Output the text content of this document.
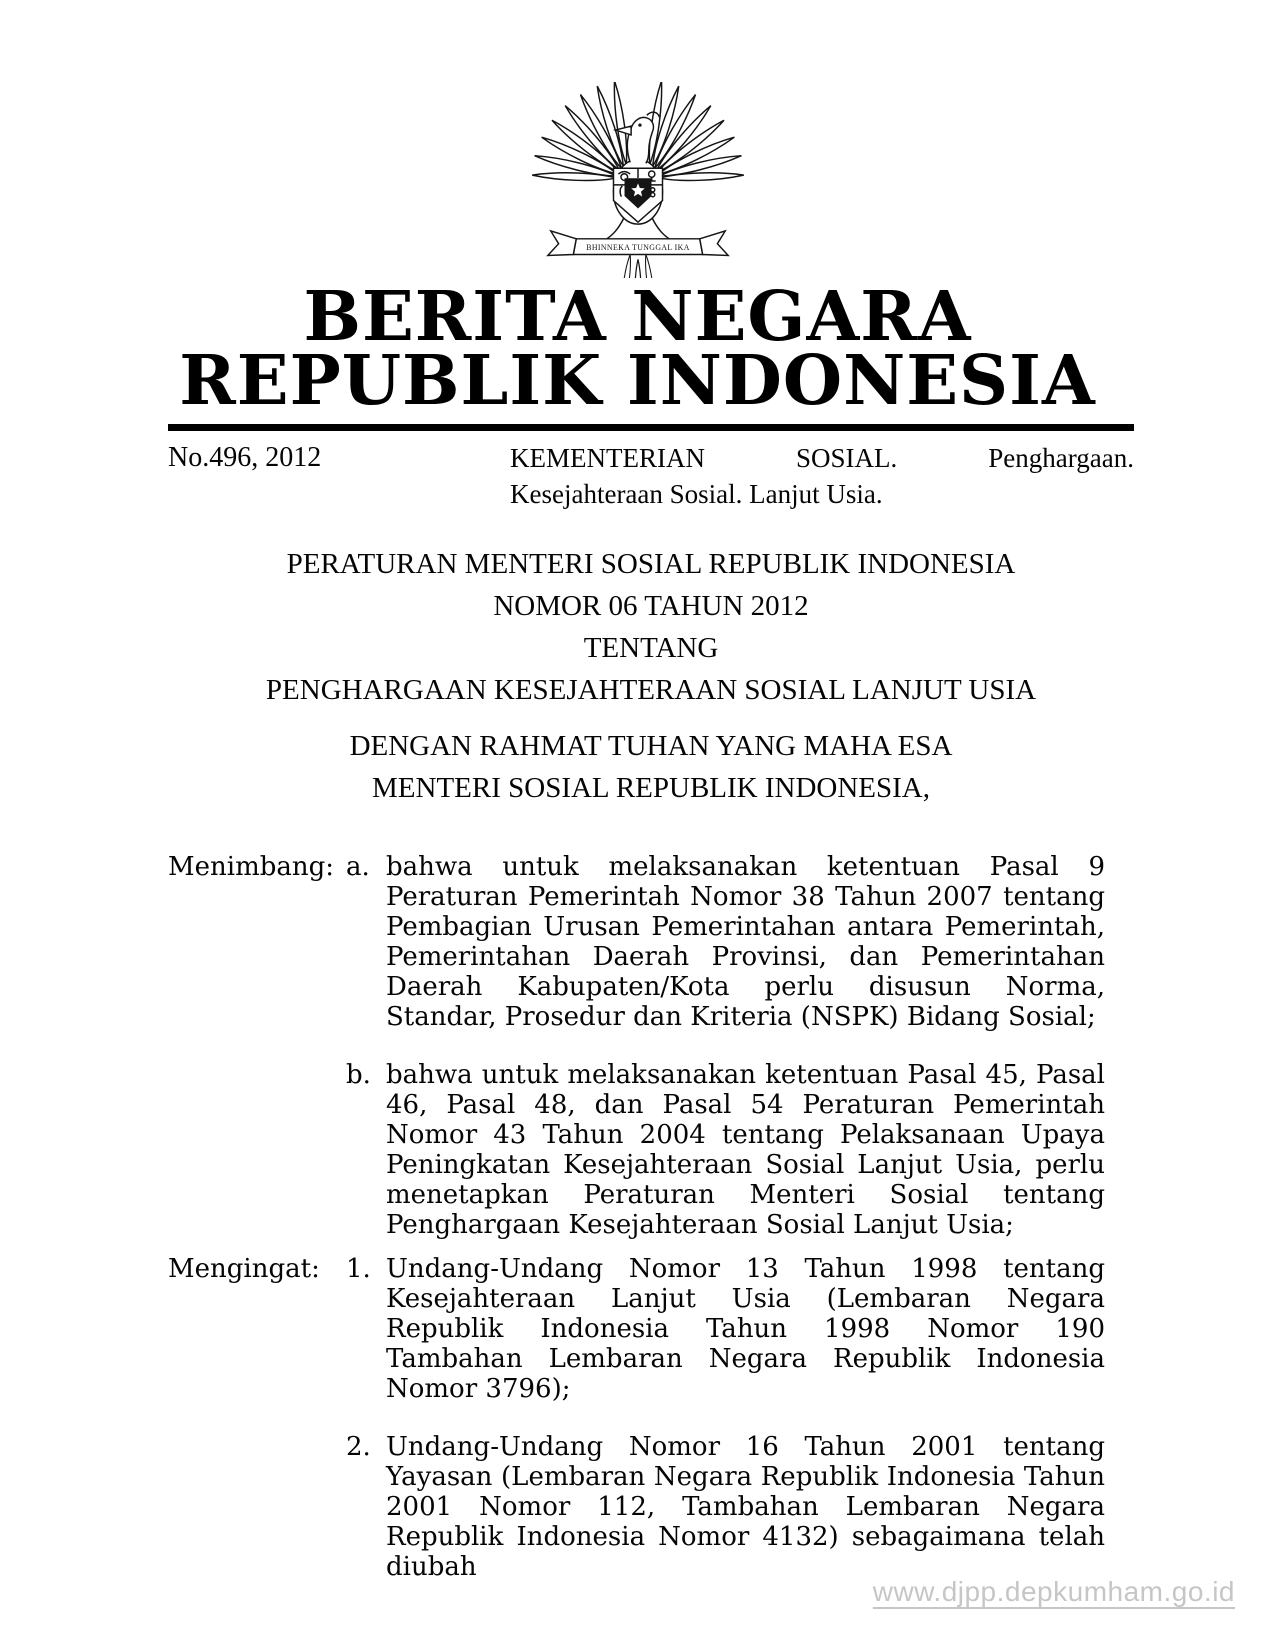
BHINNEKA TUNGGAL IKA
BERITA NEGARA
REPUBLIK INDONESIA
No.496, 2012	KEMENTERIAN	SOSIAL.	Penghargaan.
Kesejahteraan Sosial. Lanjut Usia.
PERATURAN MENTERI SOSIAL REPUBLIK INDONESIA
NOMOR 06 TAHUN 2012
TENTANG
PENGHARGAAN KESEJAHTERAAN SOSIAL LANJUT USIA
DENGAN RAHMAT TUHAN YANG MAHA ESA
MENTERI SOSIAL REPUBLIK INDONESIA,
Menimbang : a. bahwa untuk melaksanakan ketentuan Pasal 9 Peraturan Pemerintah Nomor 38 Tahun 2007 tentang Pembagian Urusan Pemerintahan antara Pemerintah, Pemerintahan Daerah Provinsi, dan Pemerintahan Daerah Kabupaten/Kota perlu disusun Norma, Standar, Prosedur dan Kriteria (NSPK) Bidang Sosial;
b. bahwa untuk melaksanakan ketentuan Pasal 45, Pasal 46, Pasal 48, dan Pasal 54 Peraturan Pemerintah Nomor 43 Tahun 2004 tentang Pelaksanaan Upaya Peningkatan Kesejahteraan Sosial Lanjut Usia, perlu menetapkan Peraturan Menteri Sosial tentang Penghargaan Kesejahteraan Sosial Lanjut Usia;
Mengingat : 1. Undang-Undang Nomor 13 Tahun 1998 tentang Kesejahteraan Lanjut Usia (Lembaran Negara Republik Indonesia Tahun 1998 Nomor 190 Tambahan Lembaran Negara Republik Indonesia Nomor 3796);
2. Undang-Undang Nomor 16 Tahun 2001 tentang Yayasan (Lembaran Negara Republik Indonesia Tahun 2001 Nomor 112, Tambahan Lembaran Negara Republik Indonesia Nomor 4132) sebagaimana telah diubah
www.djpp.depkumham.go.id
